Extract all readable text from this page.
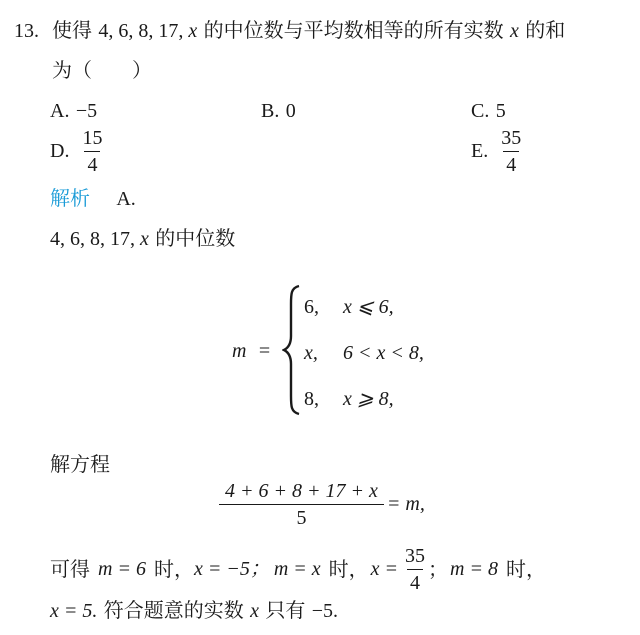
13. 使得 4, 6, 8, 17, x 的中位数与平均数相等的所有实数 x 的和
为（　　）
A. −5	B. 0	C. 5
D. $\frac{15}{4}$	E. $\frac{35}{4}$
解析 A.
4, 6, 8, 17, x 的中位数
m =
6, x ⩽ 6,
x, 6 < x < 8,
8, x ⩾ 8,
解方程
$\frac{4 + 6 + 8 + 17 + x}{5} = m$,
可得 m = 6 时， x = −5； m = x 时， $x = \frac{35}{4}$ ； m = 8 时，
x = 5. 符合题意的实数 x 只有 −5.
